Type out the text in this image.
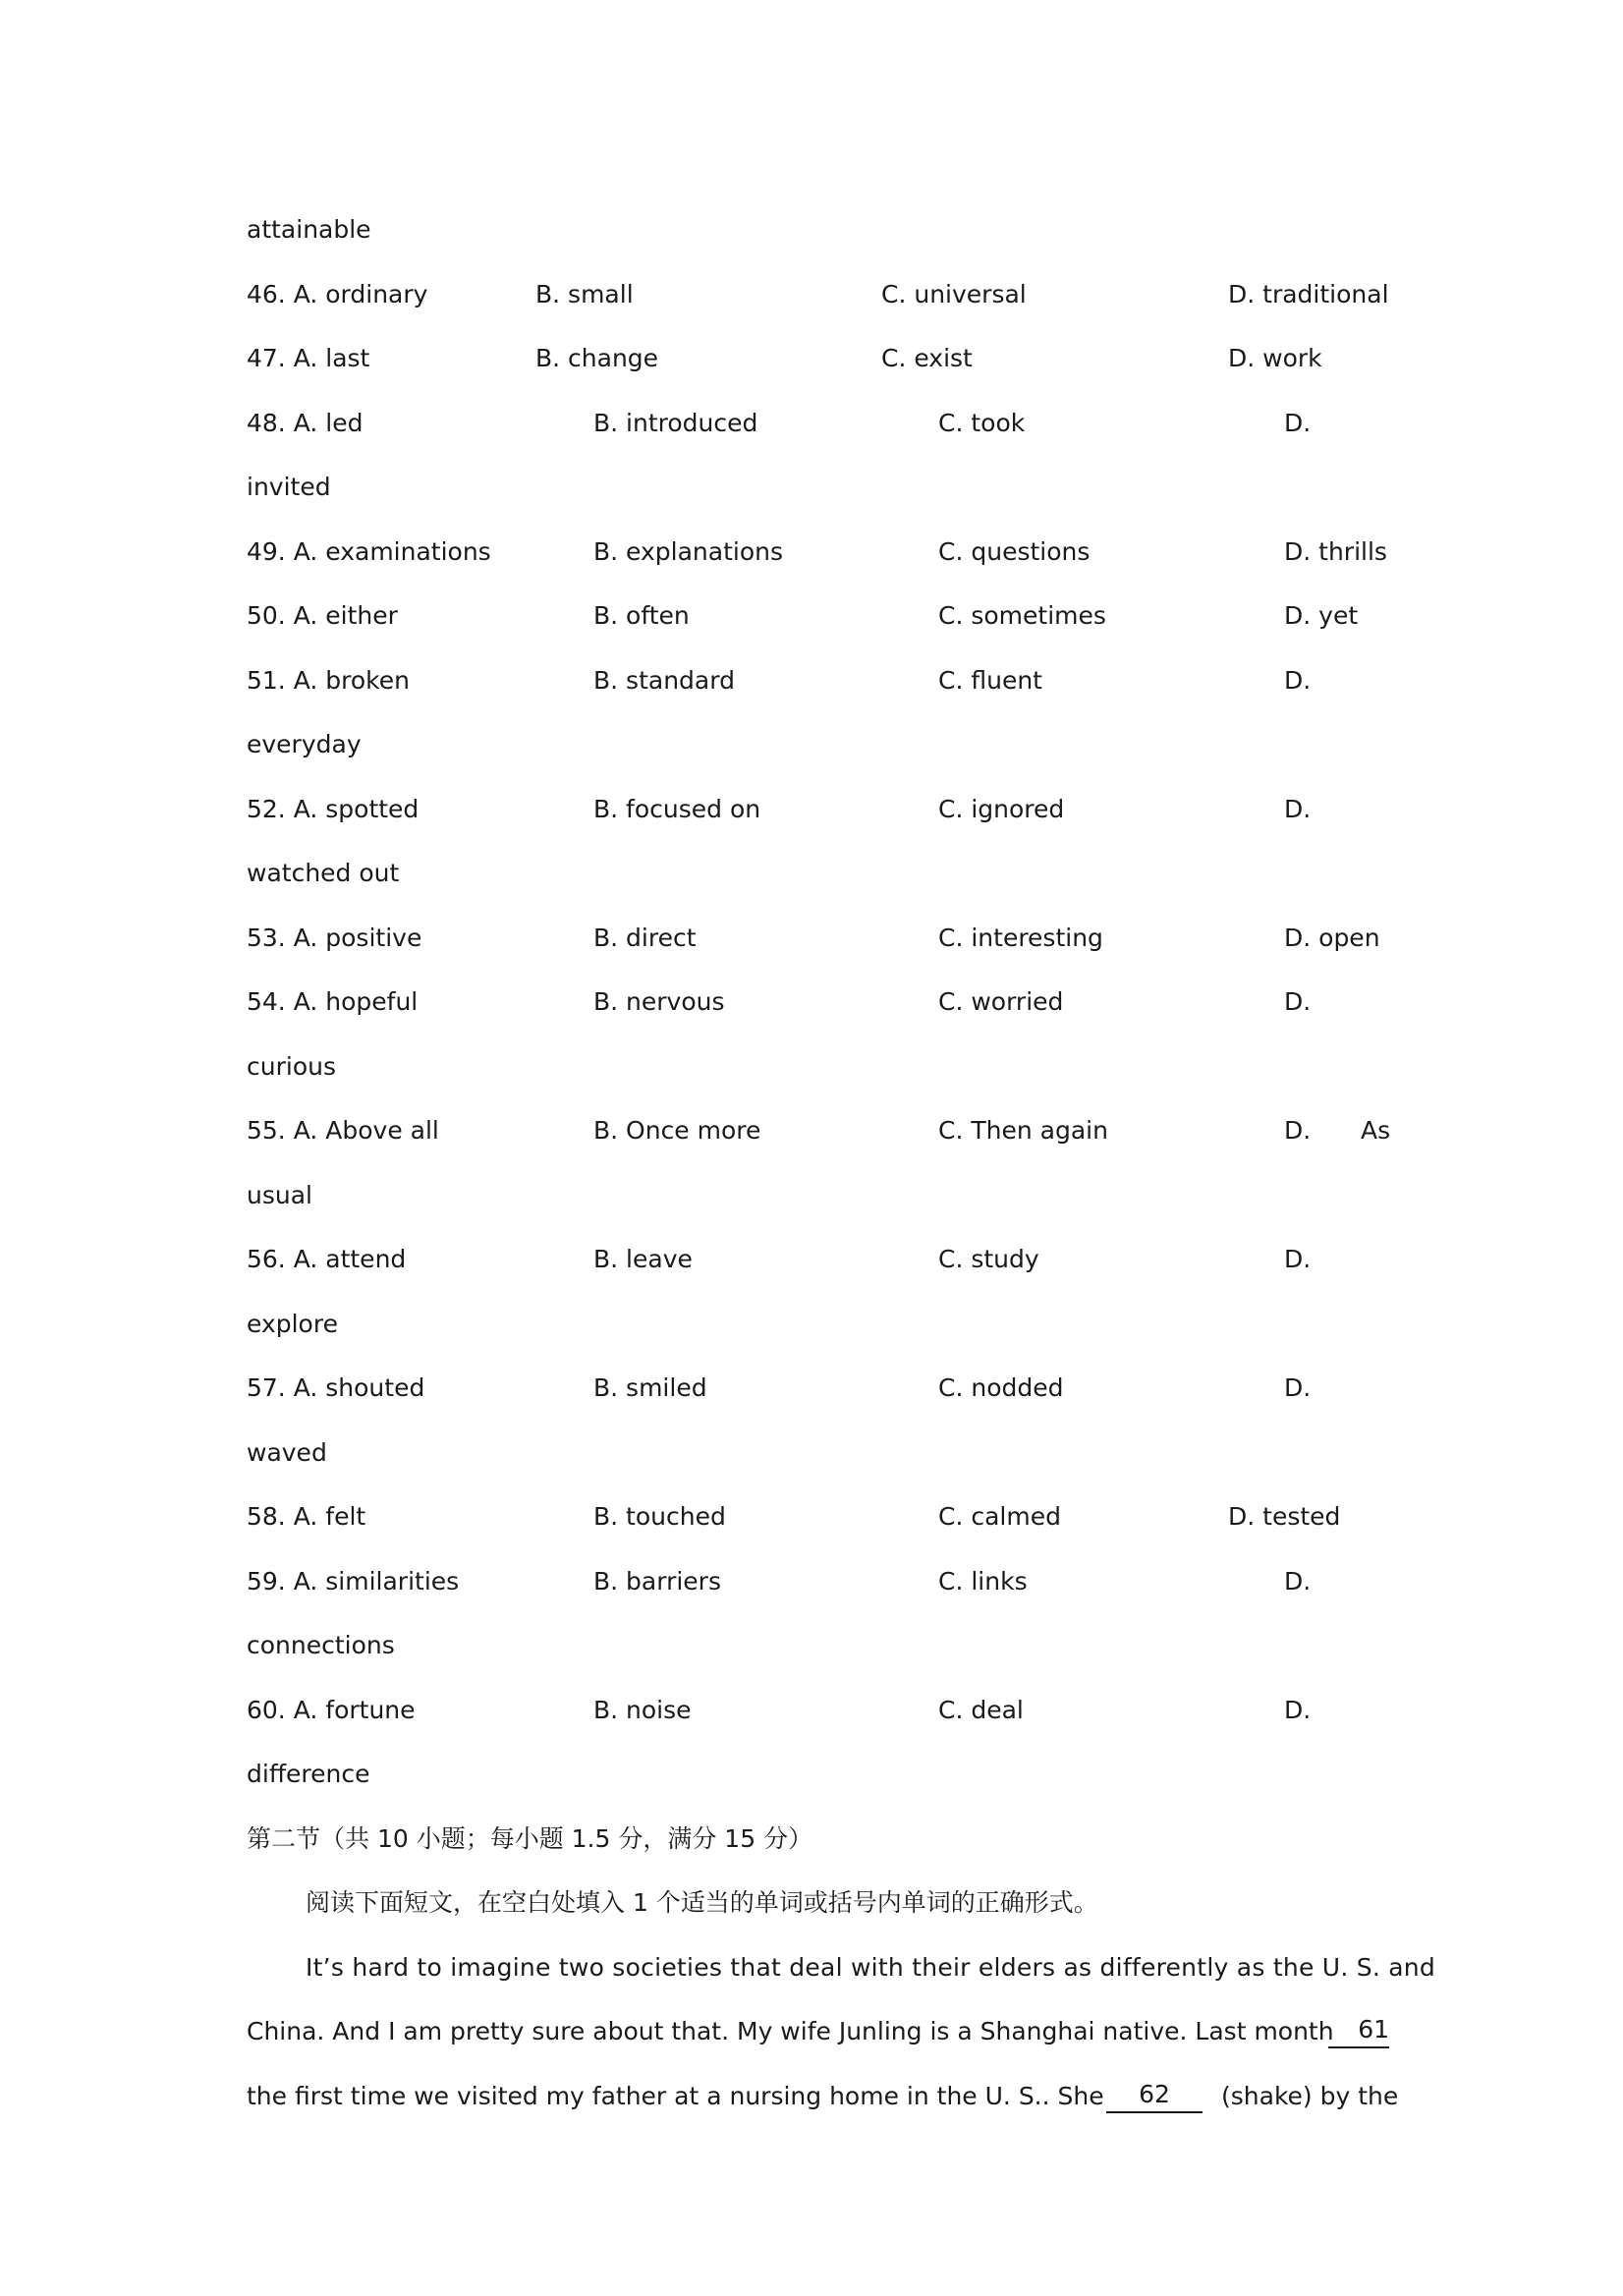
attainable
46. A. ordinary	B. small	C. universal	D. traditional
47. A. last	B. change	C. exist	D. work
48. A. led	B. introduced	C. took	D.
invited
49. A. examinations	B. explanations	C. questions	D. thrills
50. A. either	B. often	C. sometimes	D. yet
51. A. broken	B. standard	C. fluent	D.
everyday
52. A. spotted	B. focused on	C. ignored	D.
watched out
53. A. positive	B. direct	C. interesting	D. open
54. A. hopeful	B. nervous	C. worried	D.
curious
55. A. Above all	B. Once more	C. Then again	D. As
usual
56. A. attend	B. leave	C. study	D.
explore
57. A. shouted	B. smiled	C. nodded	D.
waved
58. A. felt	B. touched	C. calmed	D. tested
59. A. similarities	B. barriers	C. links	D.
connections
60. A. fortune	B. noise	C. deal	D.
difference
第二节（共 10 小题；每小题 1.5 分，满分 15 分）
阅读下面短文，在空白处填入 1 个适当的单词或括号内单词的正确形式。
It’s hard to imagine two societies that deal with their elders as differently as the U. S. and
China. And I am pretty sure about that. My wife Junling is a Shanghai native. Last month 61
the first time we visited my father at a nursing home in the U. S.. She	62	(shake) by the
